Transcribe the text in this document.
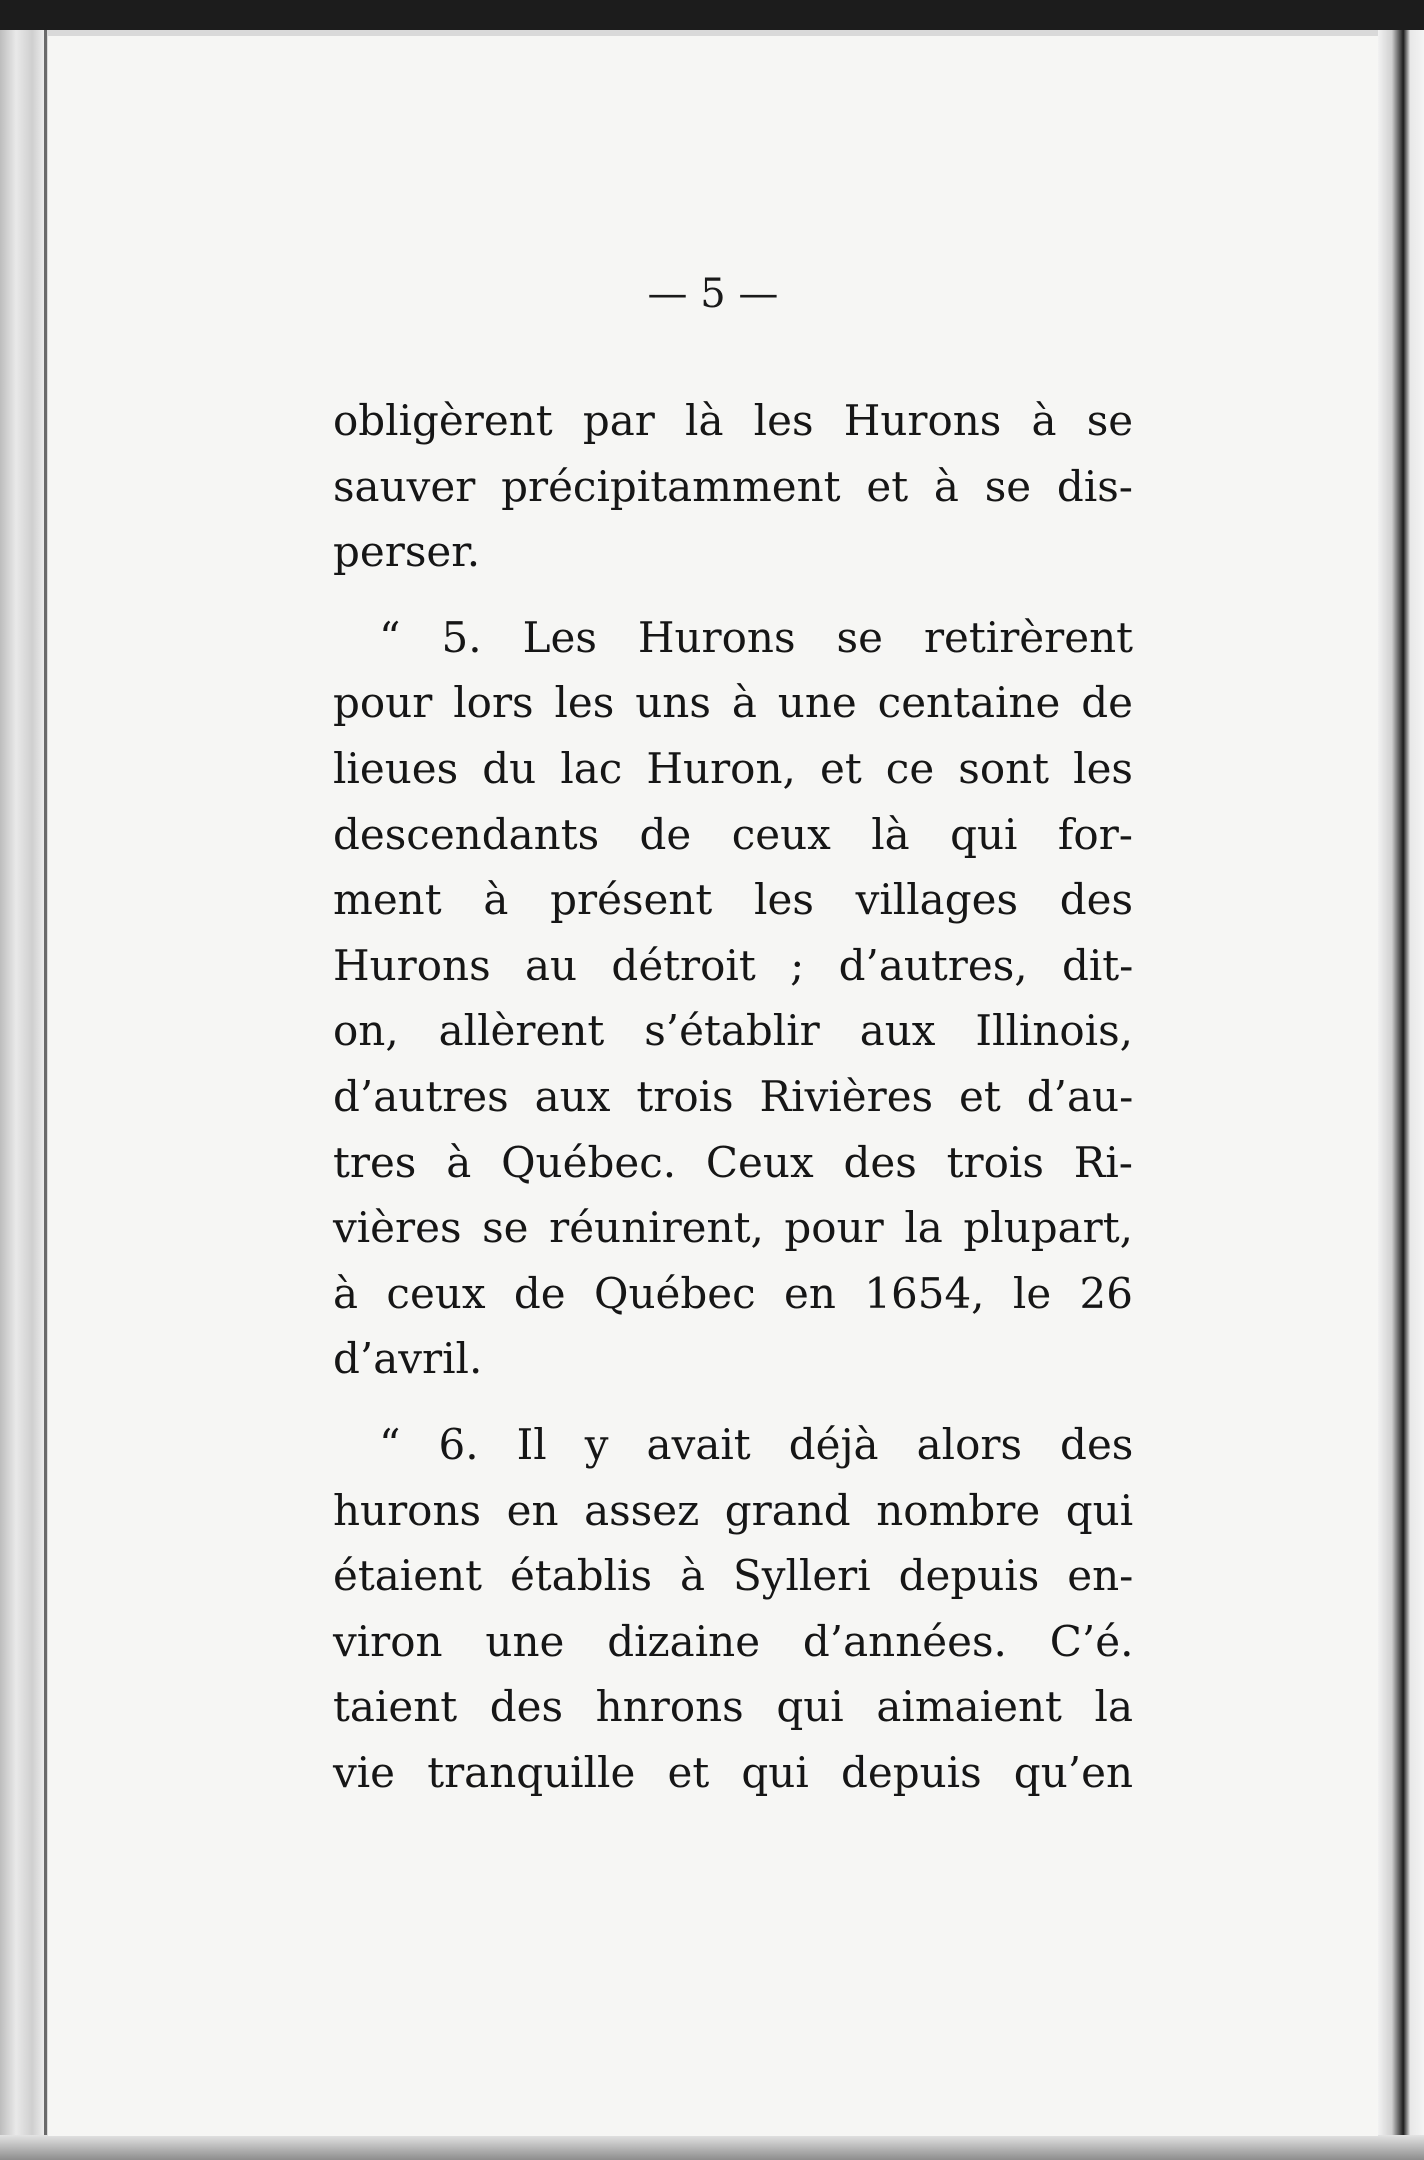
— 5 —

obligèrent par là les Hurons à se
sauver précipitamment et à se dis-
perser.
“ 5. Les Hurons se retirèrent
pour lors les uns à une centaine de
lieues du lac Huron, et ce sont les
descendants de ceux là qui for-
ment à présent les villages des
Hurons au détroit ; d’autres, dit-
on, allèrent s’établir aux Illinois,
d’autres aux trois Rivières et d’au-
tres à Québec. Ceux des trois Ri-
vières se réunirent, pour la plupart,
à ceux de Québec en 1654, le 26
d’avril.
“ 6. Il y avait déjà alors des
hurons en assez grand nombre qui
étaient établis à Sylleri depuis en-
viron une dizaine d’années. C’é.
taient des hnrons qui aimaient la
vie tranquille et qui depuis qu’en
